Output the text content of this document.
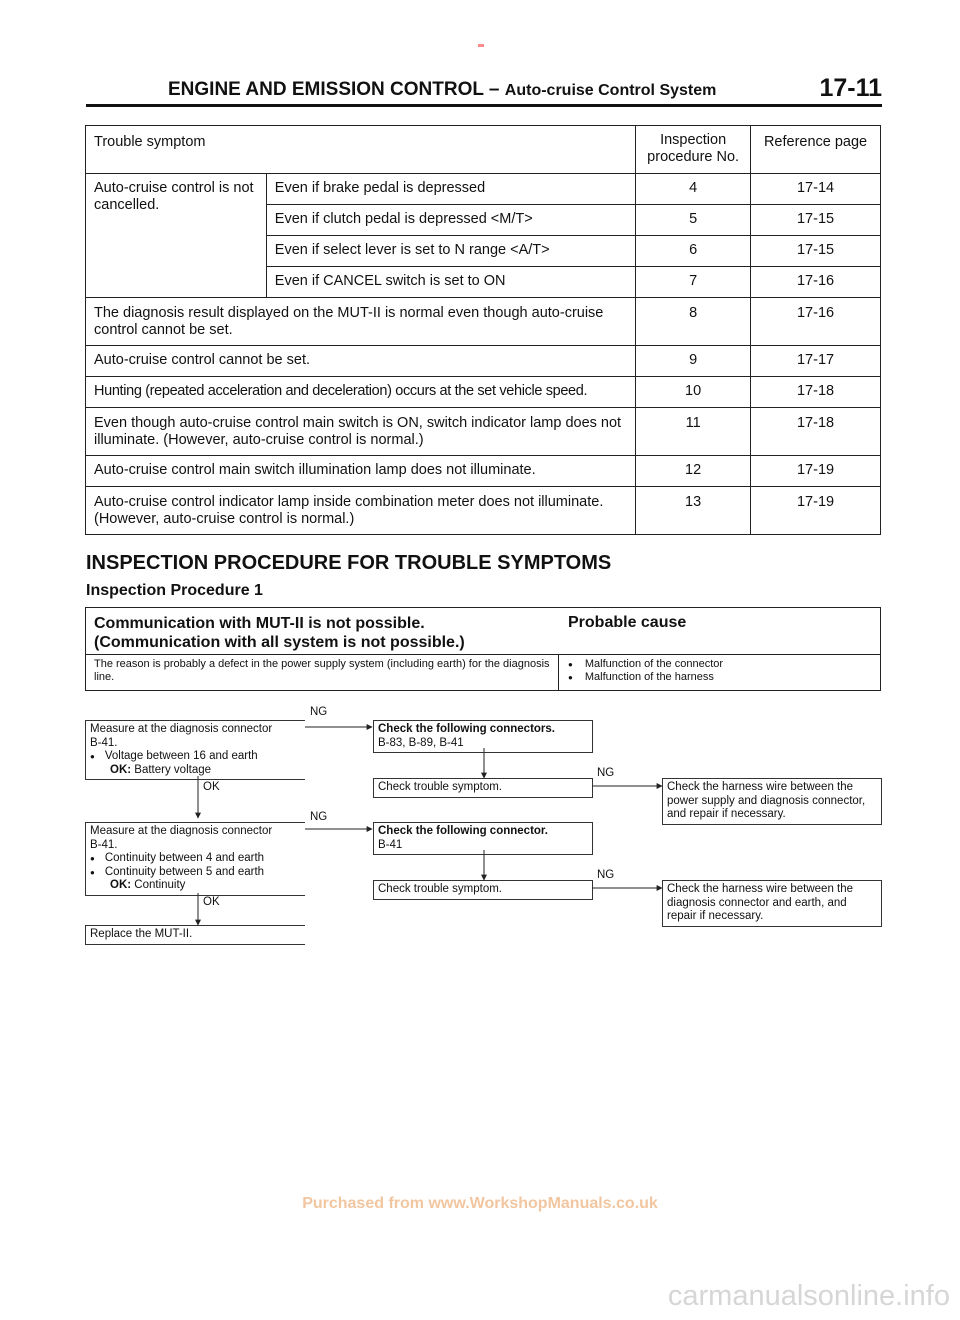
ENGINE AND EMISSION CONTROL – Auto-cruise Control System	17-11
Trouble symptom		Inspection procedure No.	Reference page
Auto-cruise control is not cancelled.	Even if brake pedal is depressed	4	17-14
	Even if clutch pedal is depressed <M/T>	5	17-15
	Even if select lever is set to N range <A/T>	6	17-15
	Even if CANCEL switch is set to ON	7	17-16
The diagnosis result displayed on the MUT-II is normal even though auto-cruise control cannot be set.		8	17-16
Auto-cruise control cannot be set.		9	17-17
Hunting (repeated acceleration and deceleration) occurs at the set vehicle speed.		10	17-18
Even though auto-cruise control main switch is ON, switch indicator lamp does not illuminate. (However, auto-cruise control is normal.)		11	17-18
Auto-cruise control main switch illumination lamp does not illuminate.		12	17-19
Auto-cruise control indicator lamp inside combination meter does not illuminate. (However, auto-cruise control is normal.)		13	17-19
INSPECTION PROCEDURE FOR TROUBLE SYMPTOMS
Inspection Procedure 1
Communication with MUT-II is not possible. (Communication with all system is not possible.)
Probable cause
The reason is probably a defect in the power supply system (including earth) for the diagnosis line.
● Malfunction of the connector
● Malfunction of the harness
Measure at the diagnosis connector
B-41.
● Voltage between 16 and earth
OK: Battery voltage
Measure at the diagnosis connector
B-41.
● Continuity between 4 and earth
● Continuity between 5 and earth
OK: Continuity
Replace the MUT-II.
Check the following connectors.
B-83, B-89, B-41
Check trouble symptom.
Check the following connector.
B-41
Check trouble symptom.
Check the harness wire between the power supply and diagnosis connector, and repair if necessary.
Check the harness wire between the diagnosis connector and earth, and repair if necessary.
NG
OK
NG
OK
NG
NG
Purchased from www.WorkshopManuals.co.uk
carmanualsonline.info
